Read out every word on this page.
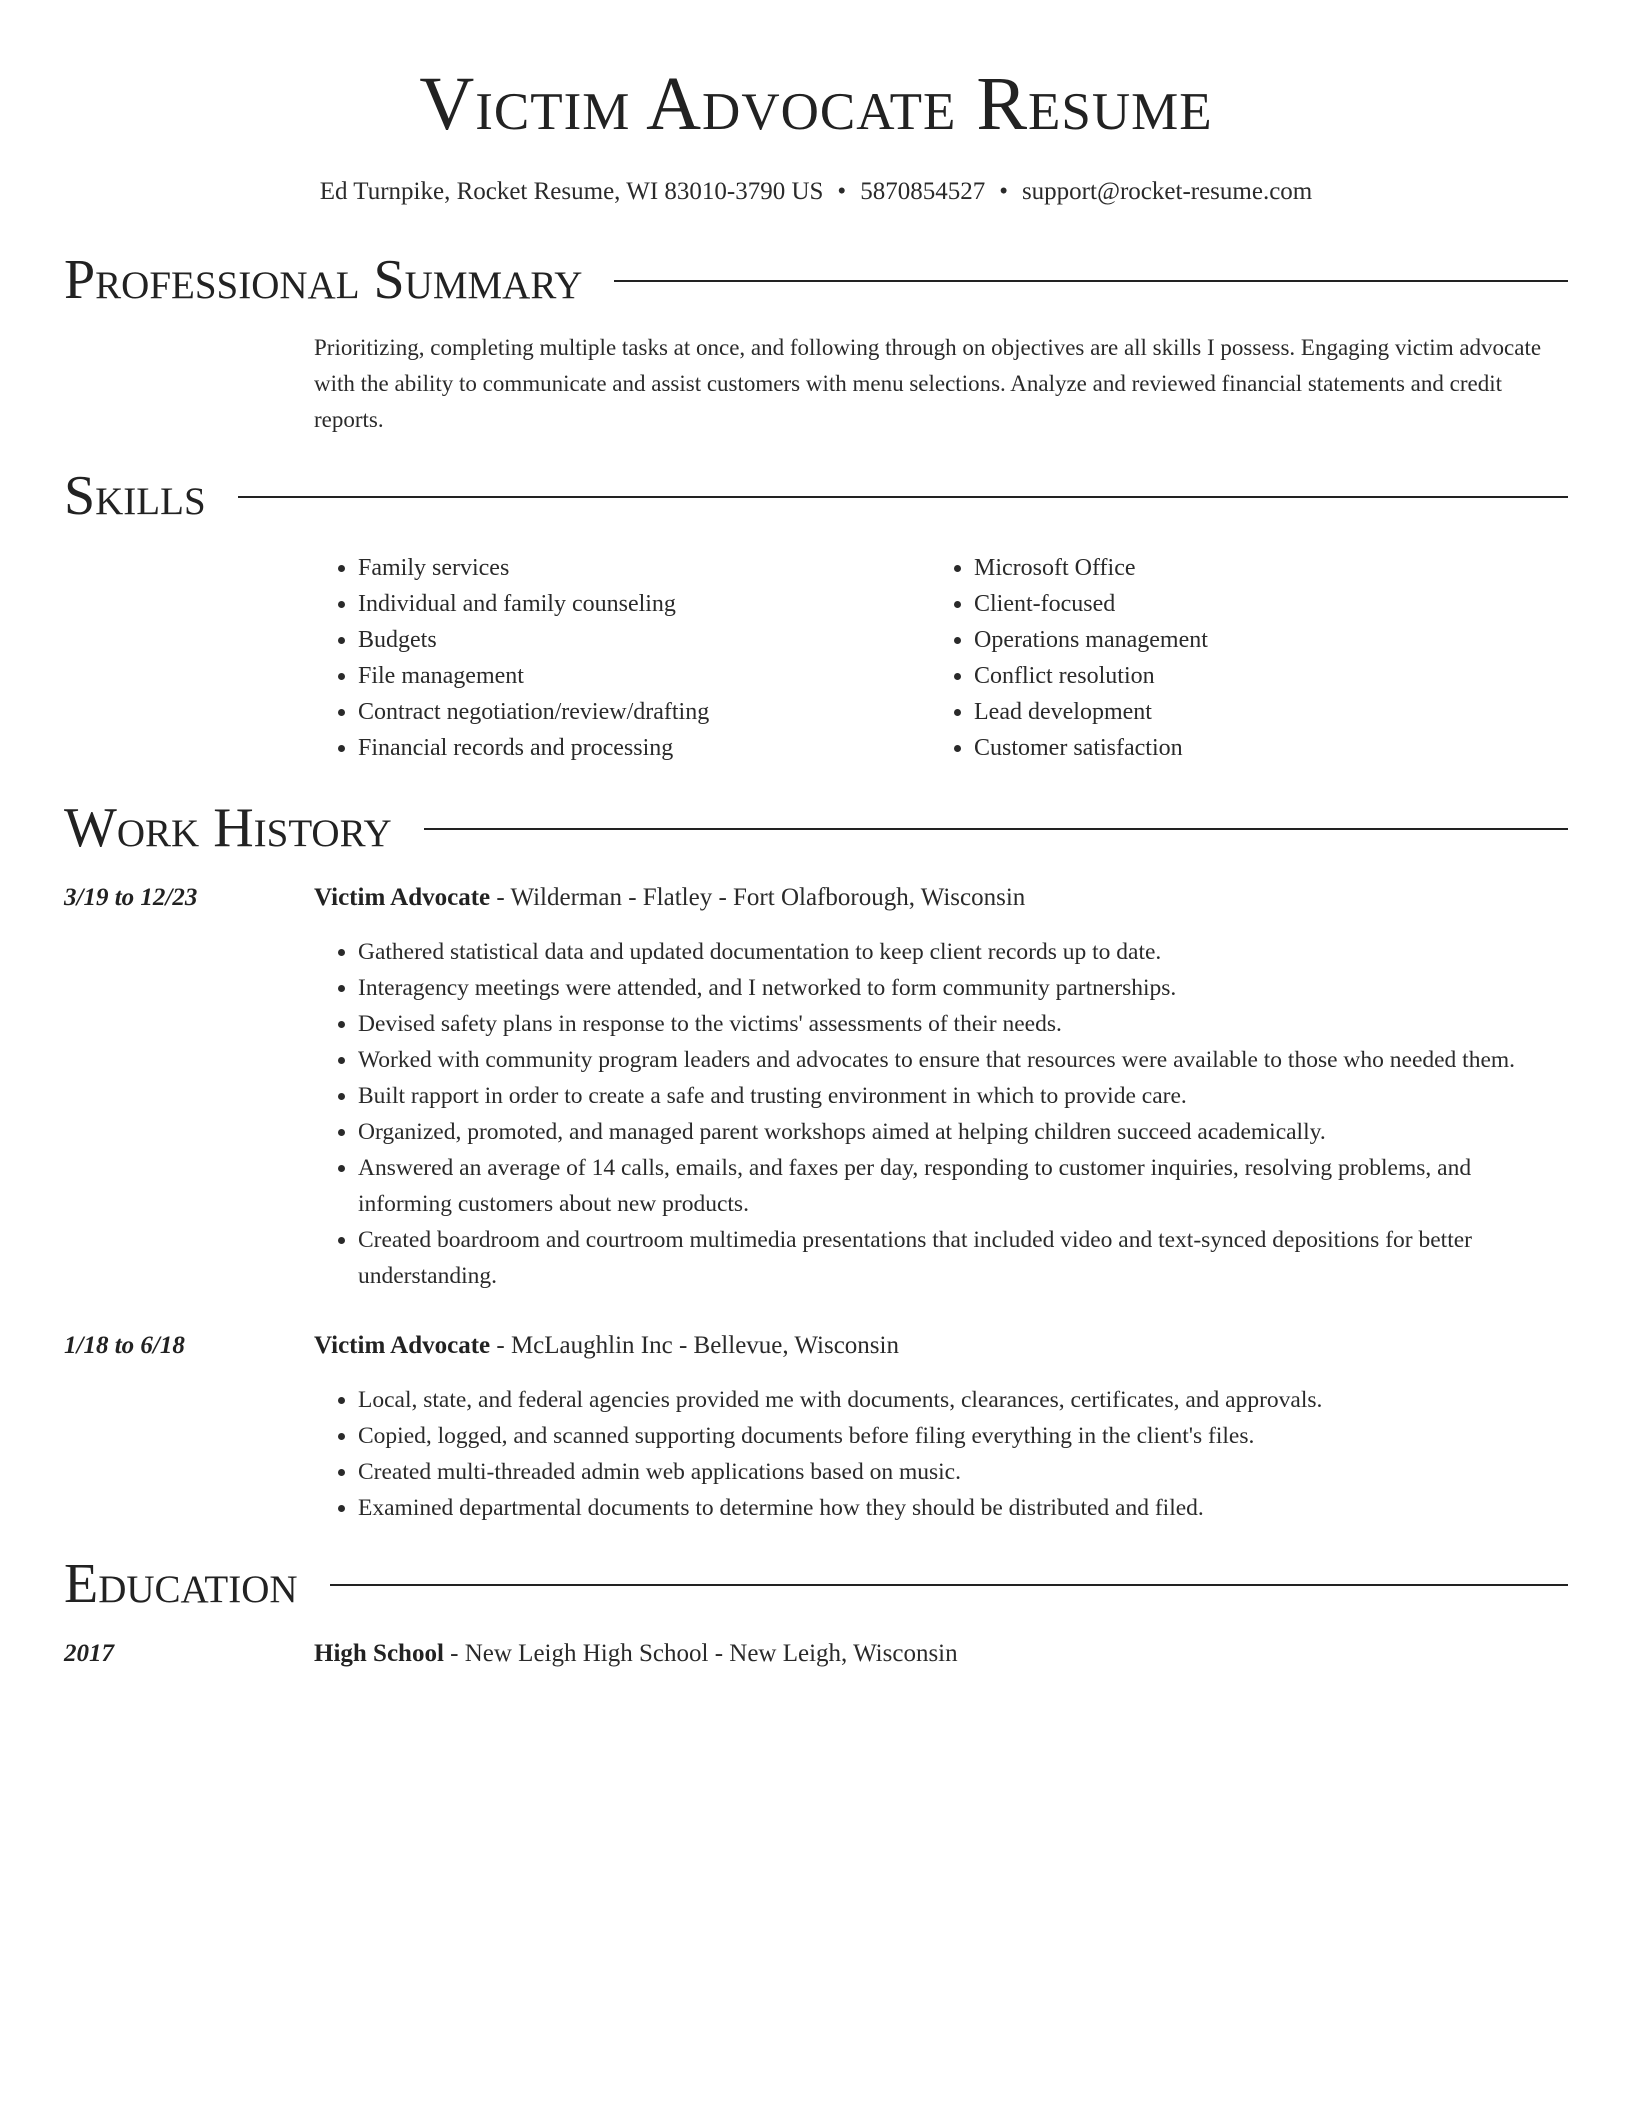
Victim Advocate Resume
Ed Turnpike, Rocket Resume, WI 83010-3790 US • 5870854527 • support@rocket-resume.com
Professional Summary
Prioritizing, completing multiple tasks at once, and following through on objectives are all skills I possess. Engaging victim advocate with the ability to communicate and assist customers with menu selections. Analyze and reviewed financial statements and credit reports.
Skills
• Family services
• Individual and family counseling
• Budgets
• File management
• Contract negotiation/review/drafting
• Financial records and processing
• Microsoft Office
• Client-focused
• Operations management
• Conflict resolution
• Lead development
• Customer satisfaction
Work History
3/19 to 12/23	Victim Advocate - Wilderman - Flatley - Fort Olafborough, Wisconsin
• Gathered statistical data and updated documentation to keep client records up to date.
• Interagency meetings were attended, and I networked to form community partnerships.
• Devised safety plans in response to the victims' assessments of their needs.
• Worked with community program leaders and advocates to ensure that resources were available to those who needed them.
• Built rapport in order to create a safe and trusting environment in which to provide care.
• Organized, promoted, and managed parent workshops aimed at helping children succeed academically.
• Answered an average of 14 calls, emails, and faxes per day, responding to customer inquiries, resolving problems, and informing customers about new products.
• Created boardroom and courtroom multimedia presentations that included video and text-synced depositions for better understanding.
1/18 to 6/18	Victim Advocate - McLaughlin Inc - Bellevue, Wisconsin
• Local, state, and federal agencies provided me with documents, clearances, certificates, and approvals.
• Copied, logged, and scanned supporting documents before filing everything in the client's files.
• Created multi-threaded admin web applications based on music.
• Examined departmental documents to determine how they should be distributed and filed.
Education
2017	High School - New Leigh High School - New Leigh, Wisconsin
